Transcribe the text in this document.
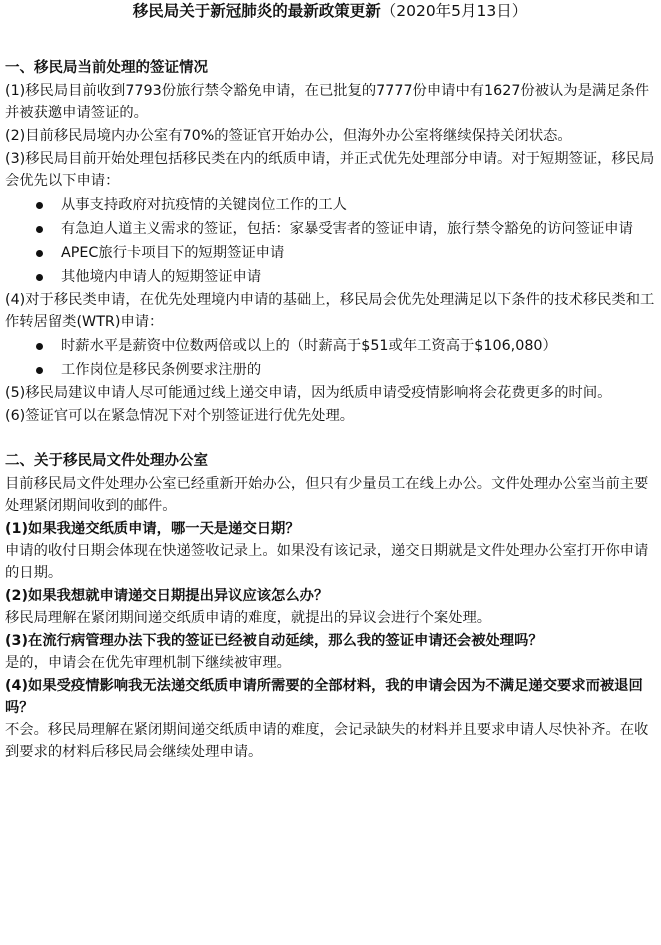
移民局关于新冠肺炎的最新政策更新（2020年5月13日）
一、移民局当前处理的签证情况

(1)移民局目前收到7793份旅行禁令豁免申请，在已批复的7777份申请中有1627份被认为是满足条件并被获邀申请签证的。

(2)目前移民局境内办公室有70%的签证官开始办公，但海外办公室将继续保持关闭状态。

(3)移民局目前开始处理包括移民类在内的纸质申请，并正式优先处理部分申请。对于短期签证，移民局会优先以下申请：

从事支持政府对抗疫情的关键岗位工作的工人
有急迫人道主义需求的签证，包括：家暴受害者的签证申请，旅行禁令豁免的访问签证申请
APEC旅行卡项目下的短期签证申请
其他境内申请人的短期签证申请

(4)对于移民类申请，在优先处理境内申请的基础上，移民局会优先处理满足以下条件的技术移民类和工作转居留类(WTR)申请：

时薪水平是薪资中位数两倍或以上的（时薪高于$51或年工资高于$106,080）
工作岗位是移民条例要求注册的

(5)移民局建议申请人尽可能通过线上递交申请，因为纸质申请受疫情影响将会花费更多的时间。

(6)签证官可以在紧急情况下对个别签证进行优先处理。

二、关于移民局文件处理办公室

目前移民局文件处理办公室已经重新开始办公，但只有少量员工在线上办公。文件处理办公室当前主要处理紧闭期间收到的邮件。

(1)如果我递交纸质申请，哪一天是递交日期？

申请的收付日期会体现在快递签收记录上。如果没有该记录，递交日期就是文件处理办公室打开你申请的日期。

(2)如果我想就申请递交日期提出异议应该怎么办？

移民局理解在紧闭期间递交纸质申请的难度，就提出的异议会进行个案处理。

(3)在流行病管理办法下我的签证已经被自动延续，那么我的签证申请还会被处理吗？

是的，申请会在优先审理机制下继续被审理。

(4)如果受疫情影响我无法递交纸质申请所需要的全部材料，我的申请会因为不满足递交要求而被退回吗？

不会。移民局理解在紧闭期间递交纸质申请的难度，会记录缺失的材料并且要求申请人尽快补齐。在收到要求的材料后移民局会继续处理申请。
